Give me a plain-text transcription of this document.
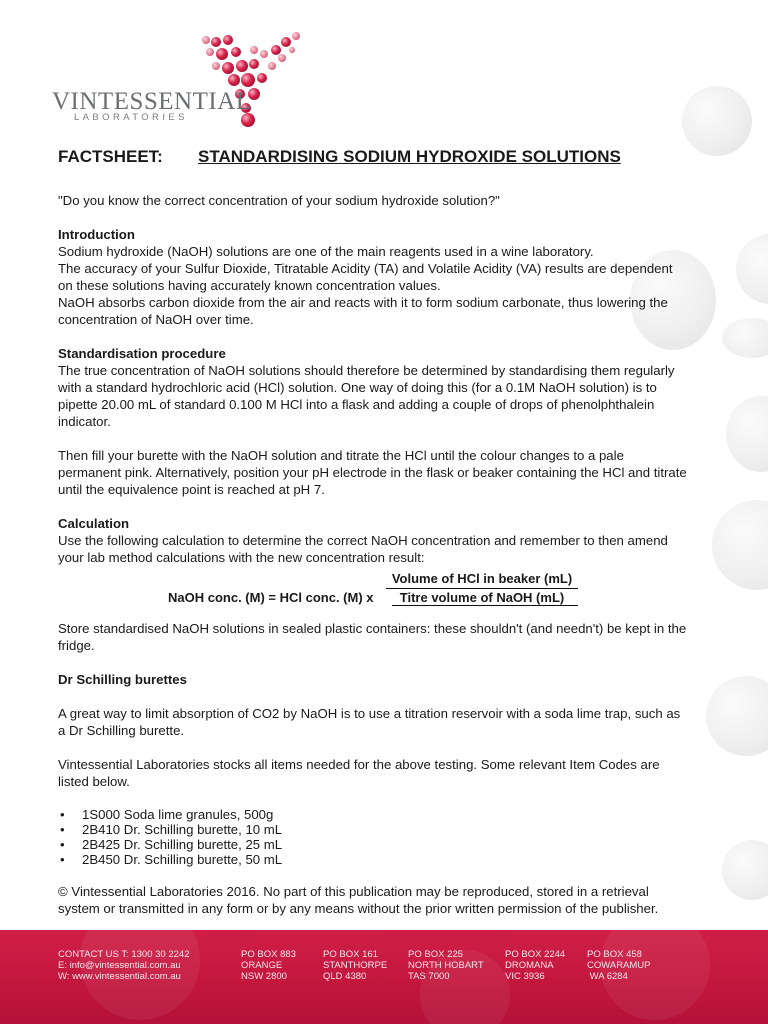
VINTESSENTIAL
LABORATORIES
FACTSHEET: STANDARDISING SODIUM HYDROXIDE SOLUTIONS

"Do you know the correct concentration of your sodium hydroxide solution?"

Introduction

Sodium hydroxide (NaOH) solutions are one of the main reagents used in a wine laboratory.

The accuracy of your Sulfur Dioxide, Titratable Acidity (TA) and Volatile Acidity (VA) results are dependent on these solutions having accurately known concentration values.

NaOH absorbs carbon dioxide from the air and reacts with it to form sodium carbonate, thus lowering the concentration of NaOH over time.

Standardisation procedure

The true concentration of NaOH solutions should therefore be determined by standardising them regularly with a standard hydrochloric acid (HCl) solution. One way of doing this (for a 0.1M NaOH solution) is to pipette 20.00 mL of standard 0.100 M HCl into a flask and adding a couple of drops of phenolphthalein indicator.

Then fill your burette with the NaOH solution and titrate the HCl until the colour changes to a pale permanent pink. Alternatively, position your pH electrode in the flask or beaker containing the HCl and titrate until the equivalence point is reached at pH 7.

Calculation

Use the following calculation to determine the correct NaOH concentration and remember to then amend your lab method calculations with the new concentration result:

NaOH conc. (M) = HCl conc. (M) x
Volume of HCl in beaker (mL)
Titre volume of NaOH (mL)

Store standardised NaOH solutions in sealed plastic containers: these shouldn't (and needn't) be kept in the fridge.

Dr Schilling burettes

A great way to limit absorption of CO2 by NaOH is to use a titration reservoir with a soda lime trap, such as a Dr Schilling burette.

Vintessential Laboratories stocks all items needed for the above testing. Some relevant Item Codes are listed below.

• 1S000 Soda lime granules, 500g
• 2B410 Dr. Schilling burette, 10 mL
• 2B425 Dr. Schilling burette, 25 mL
• 2B450 Dr. Schilling burette, 50 mL

© Vintessential Laboratories 2016. No part of this publication may be reproduced, stored in a retrieval system or transmitted in any form or by any means without the prior written permission of the publisher.

CONTACT US T: 1300 30 2242
E: info@vintessential.com.au
W: www.vintessential.com.au
PO BOX 883
ORANGE
NSW 2800
PO BOX 161
STANTHORPE
QLD 4380
PO BOX 225
NORTH HOBART
TAS 7000
PO BOX 2244
DROMANA
VIC 3936
PO BOX 458
COWARAMUP
WA 6284
